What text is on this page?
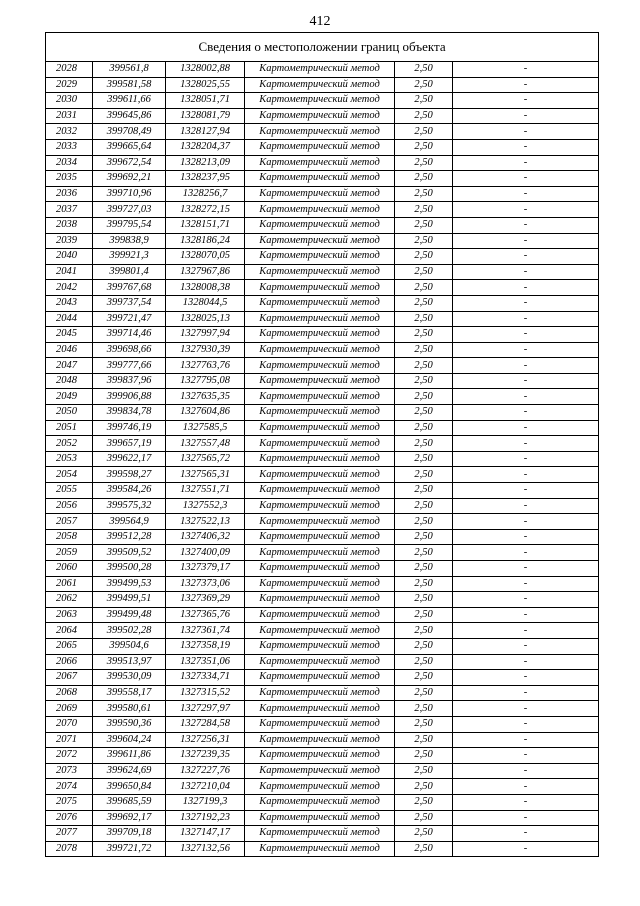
412
Сведения о местоположении границ объекта					
2028	399561,8	1328002,88	Картометрический метод	2,50	-
2029	399581,58	1328025,55	Картометрический метод	2,50	-
2030	399611,66	1328051,71	Картометрический метод	2,50	-
2031	399645,86	1328081,79	Картометрический метод	2,50	-
2032	399708,49	1328127,94	Картометрический метод	2,50	-
2033	399665,64	1328204,37	Картометрический метод	2,50	-
2034	399672,54	1328213,09	Картометрический метод	2,50	-
2035	399692,21	1328237,95	Картометрический метод	2,50	-
2036	399710,96	1328256,7	Картометрический метод	2,50	-
2037	399727,03	1328272,15	Картометрический метод	2,50	-
2038	399795,54	1328151,71	Картометрический метод	2,50	-
2039	399838,9	1328186,24	Картометрический метод	2,50	-
2040	399921,3	1328070,05	Картометрический метод	2,50	-
2041	399801,4	1327967,86	Картометрический метод	2,50	-
2042	399767,68	1328008,38	Картометрический метод	2,50	-
2043	399737,54	1328044,5	Картометрический метод	2,50	-
2044	399721,47	1328025,13	Картометрический метод	2,50	-
2045	399714,46	1327997,94	Картометрический метод	2,50	-
2046	399698,66	1327930,39	Картометрический метод	2,50	-
2047	399777,66	1327763,76	Картометрический метод	2,50	-
2048	399837,96	1327795,08	Картометрический метод	2,50	-
2049	399906,88	1327635,35	Картометрический метод	2,50	-
2050	399834,78	1327604,86	Картометрический метод	2,50	-
2051	399746,19	1327585,5	Картометрический метод	2,50	-
2052	399657,19	1327557,48	Картометрический метод	2,50	-
2053	399622,17	1327565,72	Картометрический метод	2,50	-
2054	399598,27	1327565,31	Картометрический метод	2,50	-
2055	399584,26	1327551,71	Картометрический метод	2,50	-
2056	399575,32	1327552,3	Картометрический метод	2,50	-
2057	399564,9	1327522,13	Картометрический метод	2,50	-
2058	399512,28	1327406,32	Картометрический метод	2,50	-
2059	399509,52	1327400,09	Картометрический метод	2,50	-
2060	399500,28	1327379,17	Картометрический метод	2,50	-
2061	399499,53	1327373,06	Картометрический метод	2,50	-
2062	399499,51	1327369,29	Картометрический метод	2,50	-
2063	399499,48	1327365,76	Картометрический метод	2,50	-
2064	399502,28	1327361,74	Картометрический метод	2,50	-
2065	399504,6	1327358,19	Картометрический метод	2,50	-
2066	399513,97	1327351,06	Картометрический метод	2,50	-
2067	399530,09	1327334,71	Картометрический метод	2,50	-
2068	399558,17	1327315,52	Картометрический метод	2,50	-
2069	399580,61	1327297,97	Картометрический метод	2,50	-
2070	399590,36	1327284,58	Картометрический метод	2,50	-
2071	399604,24	1327256,31	Картометрический метод	2,50	-
2072	399611,86	1327239,35	Картометрический метод	2,50	-
2073	399624,69	1327227,76	Картометрический метод	2,50	-
2074	399650,84	1327210,04	Картометрический метод	2,50	-
2075	399685,59	1327199,3	Картометрический метод	2,50	-
2076	399692,17	1327192,23	Картометрический метод	2,50	-
2077	399709,18	1327147,17	Картометрический метод	2,50	-
2078	399721,72	1327132,56	Картометрический метод	2,50	-
